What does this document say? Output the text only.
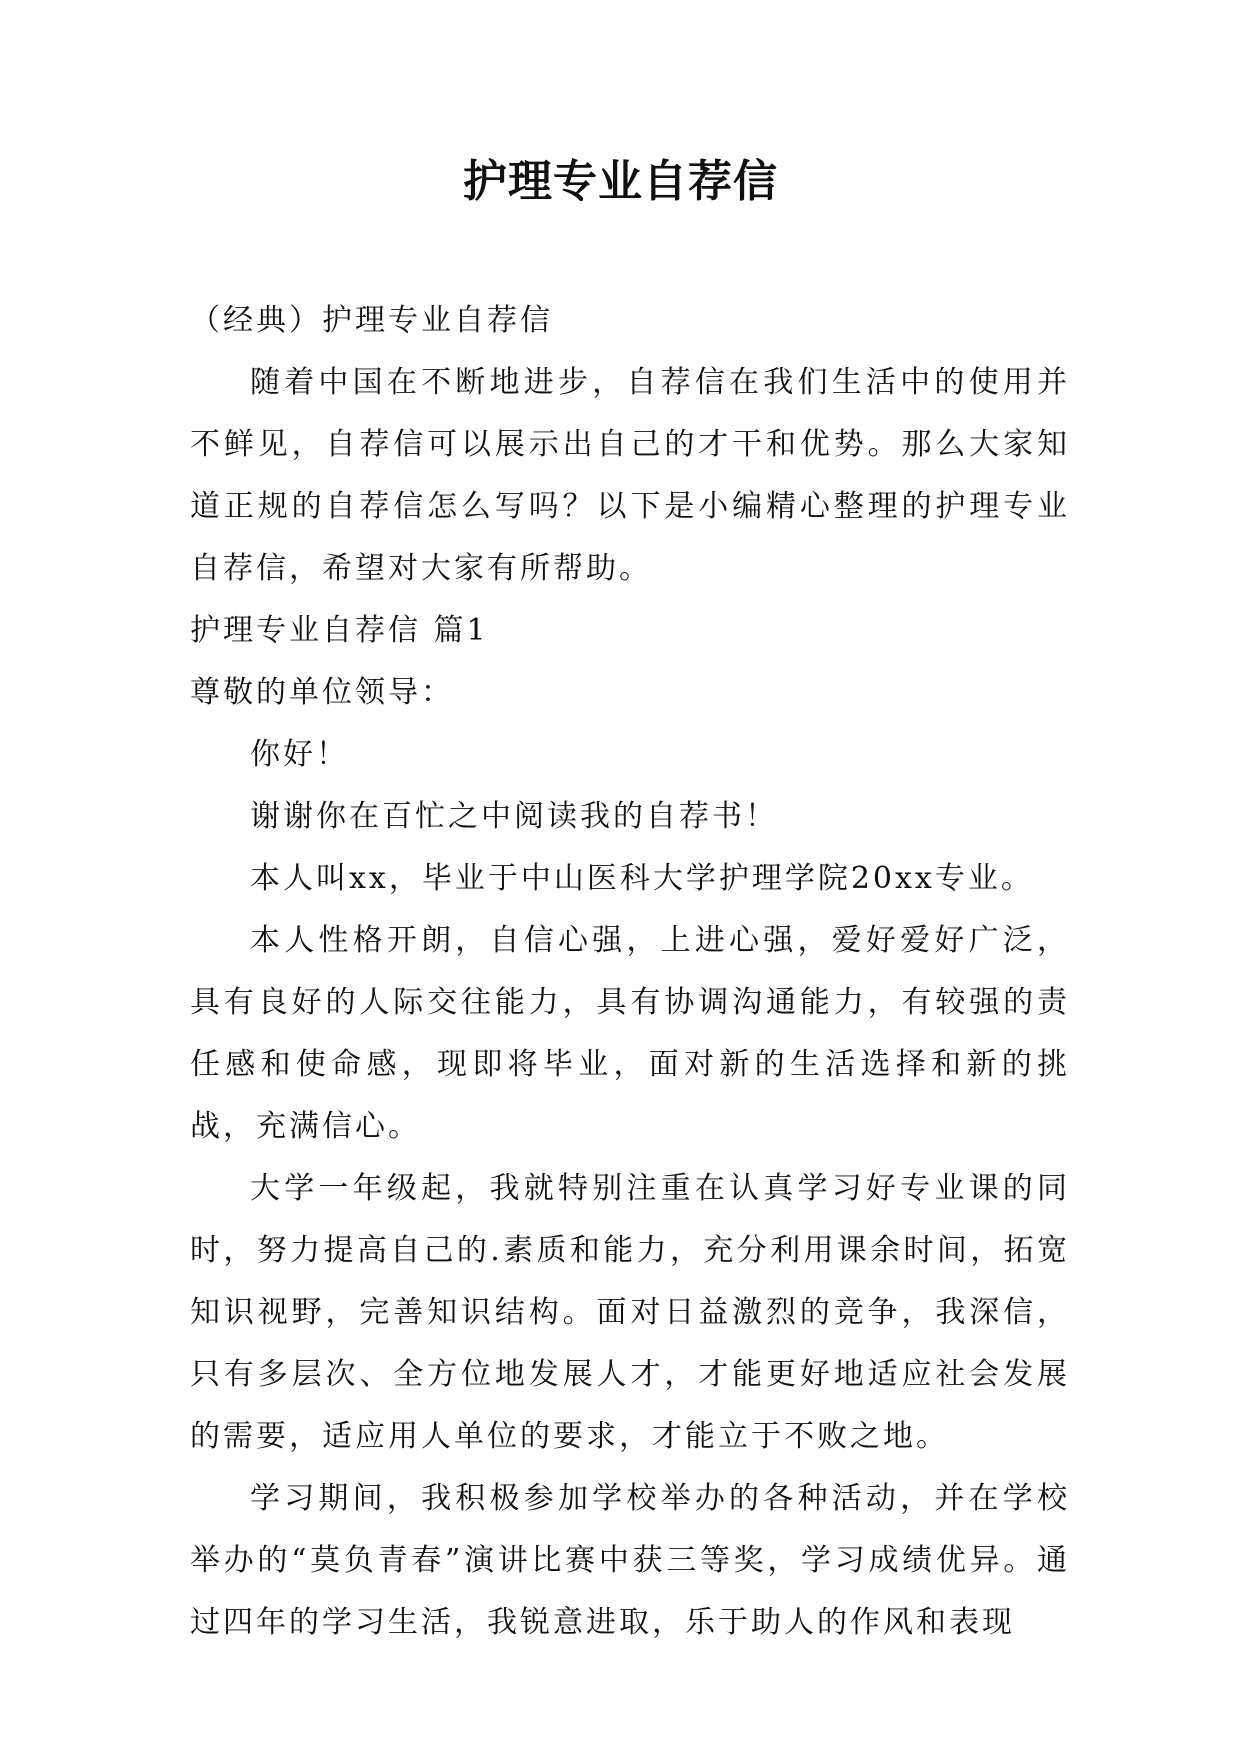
护理专业自荐信

（经典）护理专业自荐信

随着中国在不断地进步，自荐信在我们生活中的使用并不鲜见，自荐信可以展示出自己的才干和优势。那么大家知道正规的自荐信怎么写吗？以下是小编精心整理的护理专业自荐信，希望对大家有所帮助。

护理专业自荐信 篇1

尊敬的单位领导：

你好！

谢谢你在百忙之中阅读我的自荐书！

本人叫xx，毕业于中山医科大学护理学院20xx专业。

本人性格开朗，自信心强，上进心强，爱好爱好广泛，具有良好的人际交往能力，具有协调沟通能力，有较强的责任感和使命感，现即将毕业，面对新的生活选择和新的挑战，充满信心。

大学一年级起，我就特别注重在认真学习好专业课的同时，努力提高自己的.素质和能力，充分利用课余时间，拓宽知识视野，完善知识结构。面对日益激烈的竞争，我深信，只有多层次、全方位地发展人才，才能更好地适应社会发展的需要，适应用人单位的要求，才能立于不败之地。

学习期间，我积极参加学校举办的各种活动，并在学校举办的“莫负青春”演讲比赛中获三等奖，学习成绩优异。通过四年的学习生活，我锐意进取，乐于助人的作风和表现
